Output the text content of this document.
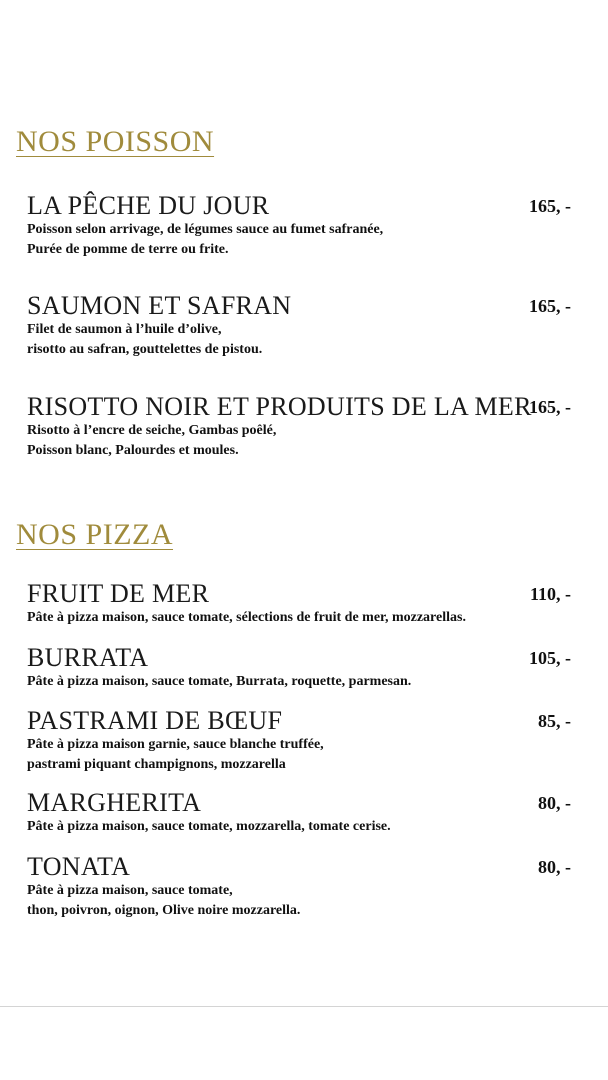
NOS POISSON
LA PÊCHE DU JOUR	165, -
Poisson selon arrivage, de légumes sauce au fumet safranée,
Purée de pomme de terre ou frite.
SAUMON ET SAFRAN	165, -
Filet de saumon à l’huile d’olive,
risotto au safran, gouttelettes de pistou.
RISOTTO NOIR ET PRODUITS DE LA MER
165, -
Risotto à l’encre de seiche, Gambas poêlé,
Poisson blanc, Palourdes et moules.
NOS PIZZA
FRUIT DE MER	110, -
Pâte à pizza maison, sauce tomate, sélections de fruit de mer, mozzarellas.
BURRATA	105, -
Pâte à pizza maison, sauce tomate, Burrata, roquette, parmesan.
PASTRAMI DE BŒUF	85, -
Pâte à pizza maison garnie, sauce blanche truffée,
pastrami piquant champignons, mozzarella
MARGHERITA	80, -
Pâte à pizza maison, sauce tomate, mozzarella, tomate cerise.
TONATA	80, -
Pâte à pizza maison, sauce tomate,
thon, poivron, oignon, Olive noire mozzarella.
